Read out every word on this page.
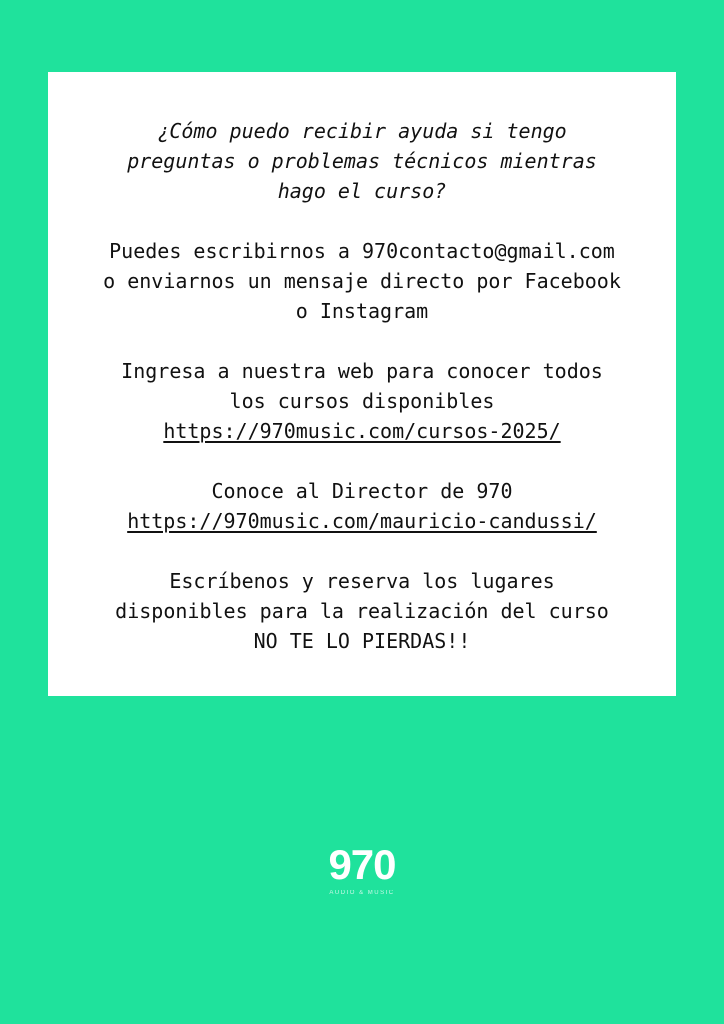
¿Cómo puedo recibir ayuda si tengo
preguntas o problemas técnicos mientras
hago el curso?

Puedes escribirnos a 970contacto@gmail.com
o enviarnos un mensaje directo por Facebook
o Instagram

Ingresa a nuestra web para conocer todos
los cursos disponibles
https://970music.com/cursos-2025/

Conoce al Director de 970
https://970music.com/mauricio-candussi/

Escríbenos y reserva los lugares
disponibles para la realización del curso
NO TE LO PIERDAS!!

970
AUDIO & MUSIC
